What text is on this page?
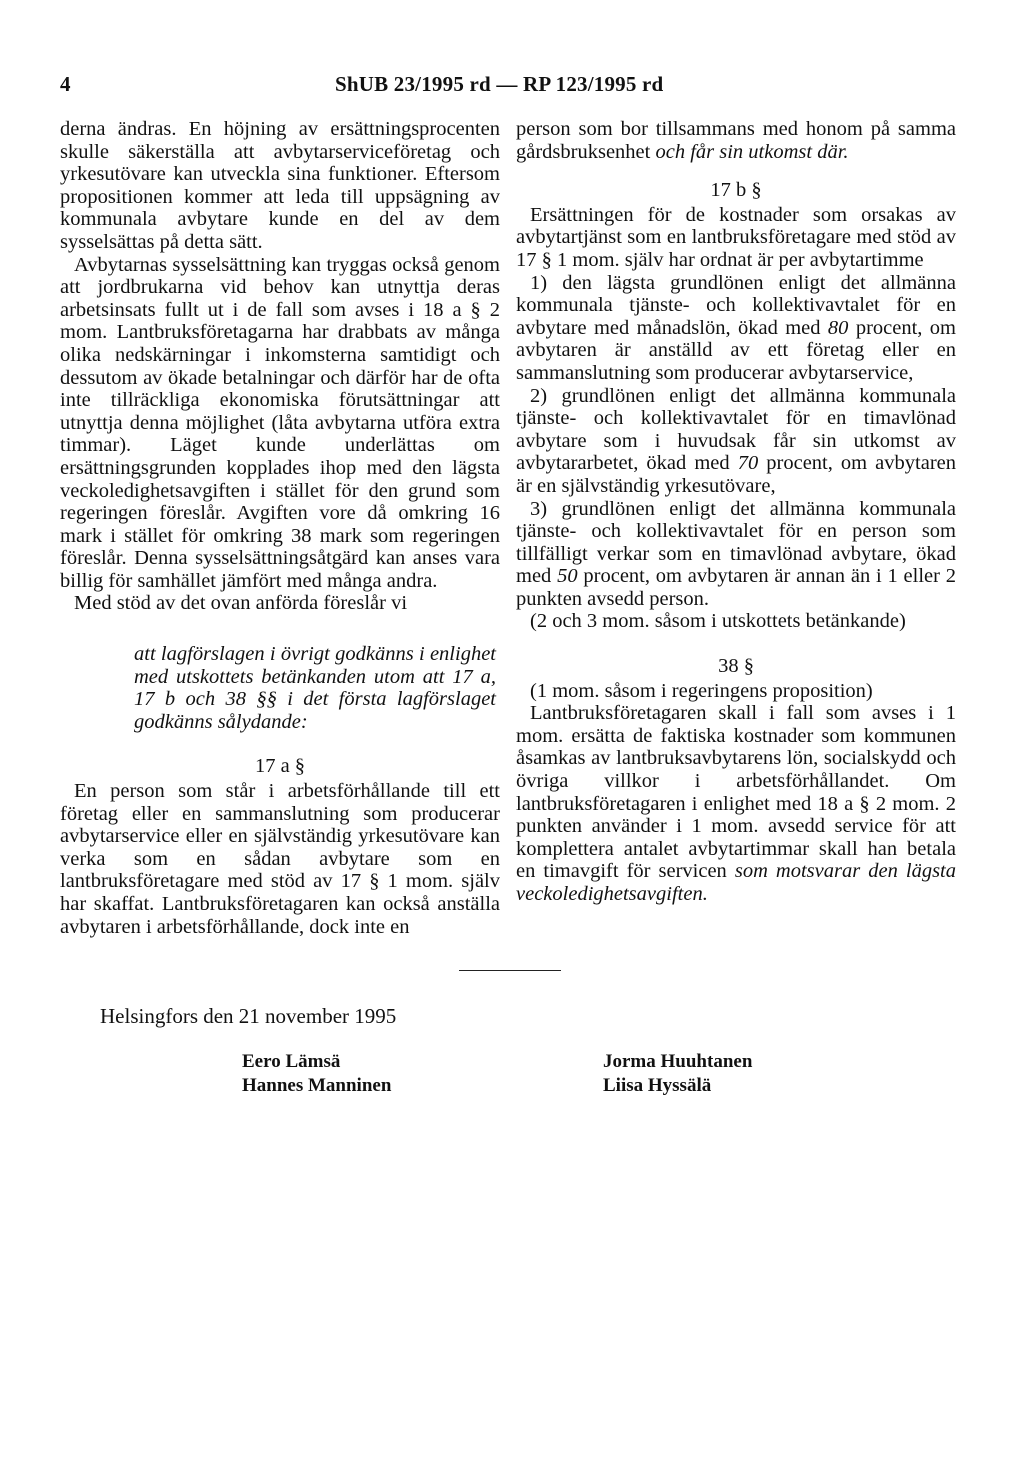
4	ShUB 23/1995 rd — RP 123/1995 rd

derna ändras. En höjning av ersättningsprocenten skulle säkerställa att avbytarserviceföretag och yrkesutövare kan utveckla sina funktioner. Eftersom propositionen kommer att leda till uppsägning av kommunala avbytare kunde en del av dem sysselsättas på detta sätt.

Avbytarnas sysselsättning kan tryggas också genom att jordbrukarna vid behov kan utnyttja deras arbetsinsats fullt ut i de fall som avses i 18 a § 2 mom. Lantbruksföretagarna har drabbats av många olika nedskärningar i inkomsterna samtidigt och dessutom av ökade betalningar och därför har de ofta inte tillräckliga ekonomiska förutsättningar att utnyttja denna möjlighet (låta avbytarna utföra extra timmar). Läget kunde underlättas om ersättningsgrunden kopplades ihop med den lägsta veckoledighetsavgiften i stället för den grund som regeringen föreslår. Avgiften vore då omkring 16 mark i stället för omkring 38 mark som regeringen föreslår. Denna sysselsättningsåtgärd kan anses vara billig för samhället jämfört med många andra.

Med stöd av det ovan anförda föreslår vi

att lagförslagen i övrigt godkänns i enlighet med utskottets betänkanden utom att 17 a, 17 b och 38 §§ i det första lagförslaget godkänns sålydande:

17 a §

En person som står i arbetsförhållande till ett företag eller en sammanslutning som producerar avbytarservice eller en självständig yrkesutövare kan verka som en sådan avbytare som en lantbruksföretagare med stöd av 17 § 1 mom. själv har skaffat. Lantbruksföretagaren kan också anställa avbytaren i arbetsförhållande, dock inte en

person som bor tillsammans med honom på samma gårdsbruksenhet och får sin utkomst där.

17 b §

Ersättningen för de kostnader som orsakas av avbytartjänst som en lantbruksföretagare med stöd av 17 § 1 mom. själv har ordnat är per avbytartimme

1) den lägsta grundlönen enligt det allmänna kommunala tjänste- och kollektivavtalet för en avbytare med månadslön, ökad med 80 procent, om avbytaren är anställd av ett företag eller en sammanslutning som producerar avbytarservice,

2) grundlönen enligt det allmänna kommunala tjänste- och kollektivavtalet för en timavlönad avbytare som i huvudsak får sin utkomst av avbytararbetet, ökad med 70 procent, om avbytaren är en självständig yrkesutövare,

3) grundlönen enligt det allmänna kommunala tjänste- och kollektivavtalet för en person som tillfälligt verkar som en timavlönad avbytare, ökad med 50 procent, om avbytaren är annan än i 1 eller 2 punkten avsedd person.

(2 och 3 mom. såsom i utskottets betänkande)

38 §

(1 mom. såsom i regeringens proposition)

Lantbruksföretagaren skall i fall som avses i 1 mom. ersätta de faktiska kostnader som kommunen åsamkas av lantbruksavbytarens lön, socialskydd och övriga villkor i arbetsförhållandet. Om lantbruksföretagaren i enlighet med 18 a § 2 mom. 2 punkten använder i 1 mom. avsedd service för att komplettera antalet avbytartimmar skall han betala en timavgift för servicen som motsvarar den lägsta veckoledighetsavgiften.

Helsingfors den 21 november 1995
Eero Lämsä
Hannes Manninen
Jorma Huuhtanen
Liisa Hyssälä
